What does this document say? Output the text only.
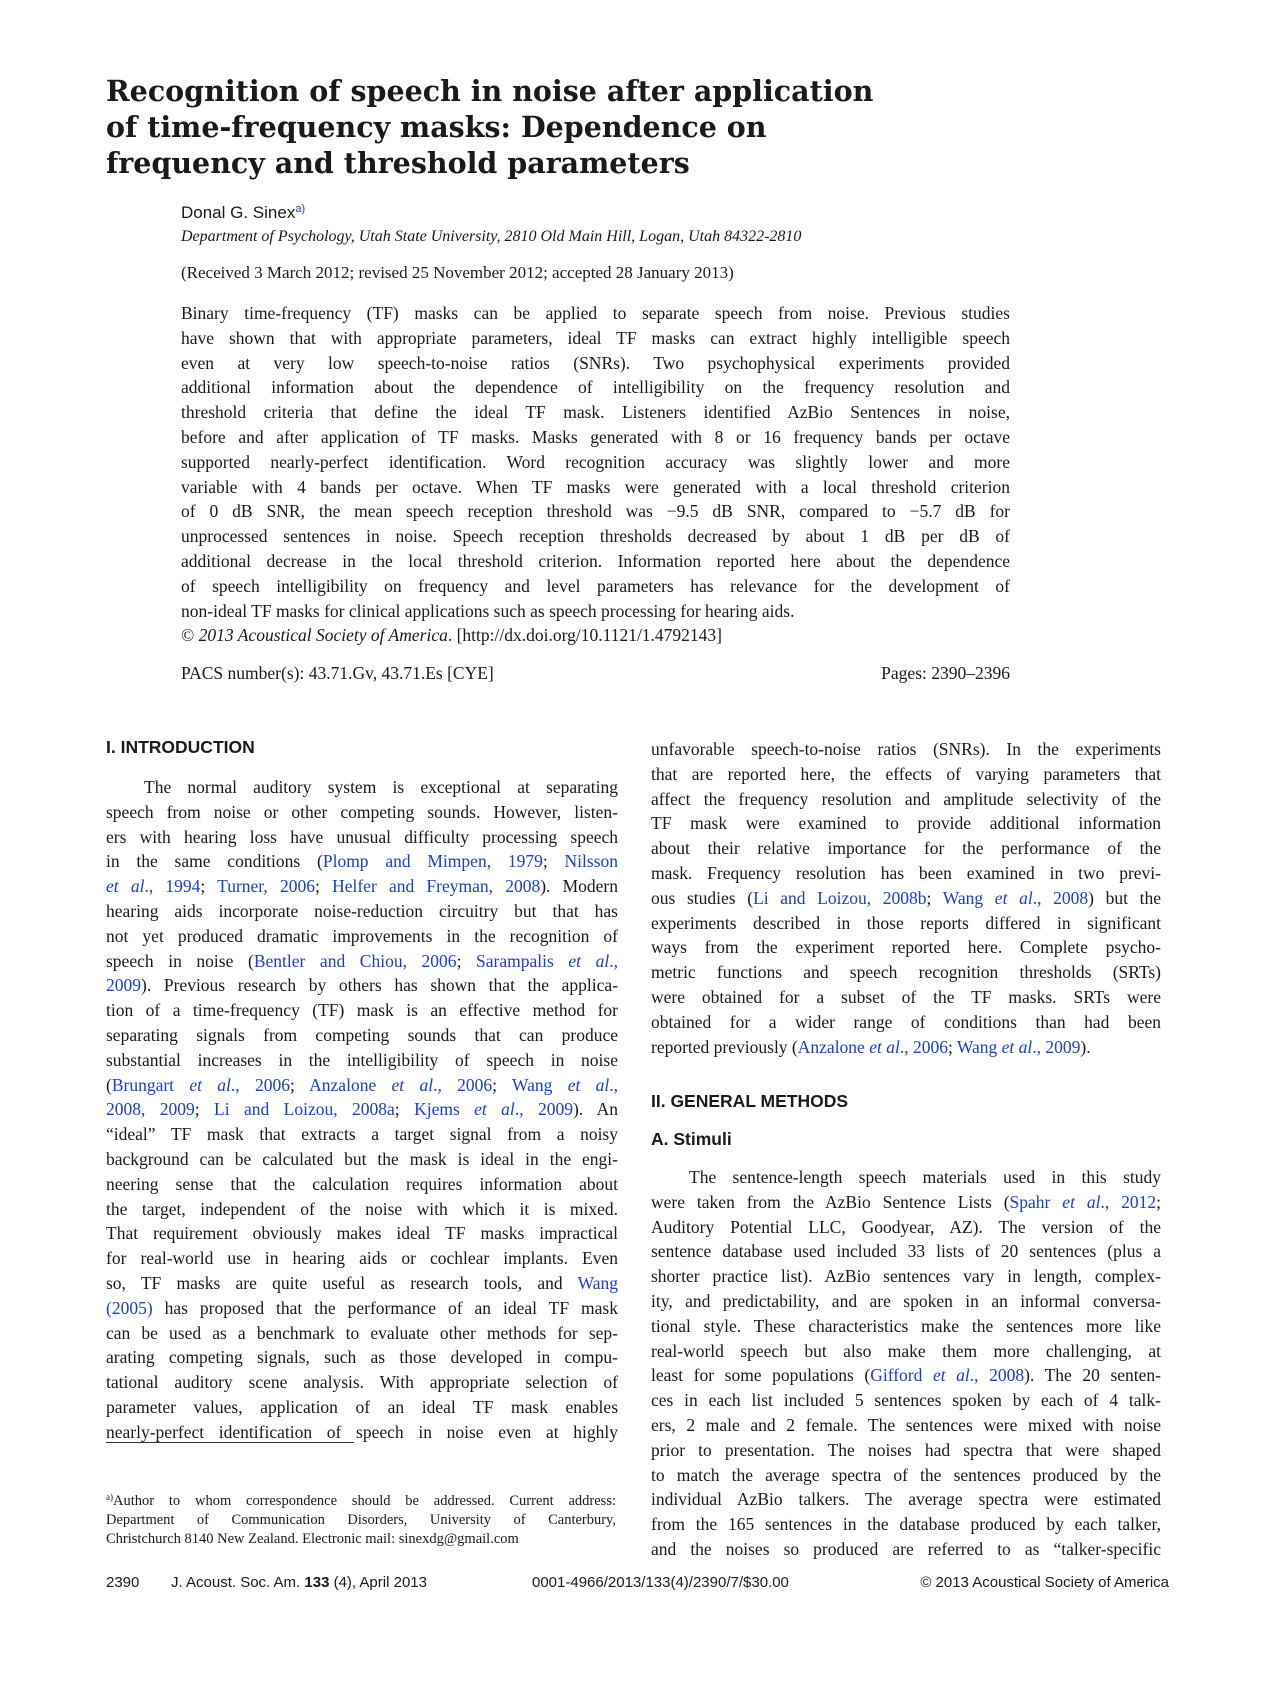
Recognition of speech in noise after application
of time-frequency masks: Dependence on
frequency and threshold parameters
Donal G. Sinex$^{a)}$
Department of Psychology, Utah State University, 2810 Old Main Hill, Logan, Utah 84322-2810
(Received 3 March 2012; revised 25 November 2012; accepted 28 January 2013)
Binary time-frequency (TF) masks can be applied to separate speech from noise. Previous studies
have shown that with appropriate parameters, ideal TF masks can extract highly intelligible speech
even at very low speech-to-noise ratios (SNRs). Two psychophysical experiments provided
additional information about the dependence of intelligibility on the frequency resolution and
threshold criteria that define the ideal TF mask. Listeners identified AzBio Sentences in noise,
before and after application of TF masks. Masks generated with 8 or 16 frequency bands per octave
supported nearly-perfect identification. Word recognition accuracy was slightly lower and more
variable with 4 bands per octave. When TF masks were generated with a local threshold criterion
of 0 dB SNR, the mean speech reception threshold was −9.5 dB SNR, compared to −5.7 dB for
unprocessed sentences in noise. Speech reception thresholds decreased by about 1 dB per dB of
additional decrease in the local threshold criterion. Information reported here about the dependence
of speech intelligibility on frequency and level parameters has relevance for the development of
non-ideal TF masks for clinical applications such as speech processing for hearing aids.
© 2013 Acoustical Society of America. [http://dx.doi.org/10.1121/1.4792143]
PACS number(s): 43.71.Gv, 43.71.Es [CYE]	Pages: 2390–2396
I. INTRODUCTION
The normal auditory system is exceptional at separating
speech from noise or other competing sounds. However, listen-
ers with hearing loss have unusual difficulty processing speech
in the same conditions (Plomp and Mimpen, 1979; Nilsson
et al., 1994; Turner, 2006; Helfer and Freyman, 2008). Modern
hearing aids incorporate noise-reduction circuitry but that has
not yet produced dramatic improvements in the recognition of
speech in noise (Bentler and Chiou, 2006; Sarampalis et al.,
2009). Previous research by others has shown that the applica-
tion of a time-frequency (TF) mask is an effective method for
separating signals from competing sounds that can produce
substantial increases in the intelligibility of speech in noise
(Brungart et al., 2006; Anzalone et al., 2006; Wang et al.,
2008, 2009; Li and Loizou, 2008a; Kjems et al., 2009). An
“ideal” TF mask that extracts a target signal from a noisy
background can be calculated but the mask is ideal in the engi-
neering sense that the calculation requires information about
the target, independent of the noise with which it is mixed.
That requirement obviously makes ideal TF masks impractical
for real-world use in hearing aids or cochlear implants. Even
so, TF masks are quite useful as research tools, and Wang
(2005) has proposed that the performance of an ideal TF mask
can be used as a benchmark to evaluate other methods for sep-
arating competing signals, such as those developed in compu-
tational auditory scene analysis. With appropriate selection of
parameter values, application of an ideal TF mask enables
nearly-perfect identification of speech in noise even at highly
unfavorable speech-to-noise ratios (SNRs). In the experiments
that are reported here, the effects of varying parameters that
affect the frequency resolution and amplitude selectivity of the
TF mask were examined to provide additional information
about their relative importance for the performance of the
mask. Frequency resolution has been examined in two previ-
ous studies (Li and Loizou, 2008b; Wang et al., 2008) but the
experiments described in those reports differed in significant
ways from the experiment reported here. Complete psycho-
metric functions and speech recognition thresholds (SRTs)
were obtained for a subset of the TF masks. SRTs were
obtained for a wider range of conditions than had been
reported previously (Anzalone et al., 2006; Wang et al., 2009).
II. GENERAL METHODS
A. Stimuli
The sentence-length speech materials used in this study
were taken from the AzBio Sentence Lists (Spahr et al., 2012;
Auditory Potential LLC, Goodyear, AZ). The version of the
sentence database used included 33 lists of 20 sentences (plus a
shorter practice list). AzBio sentences vary in length, complex-
ity, and predictability, and are spoken in an informal conversa-
tional style. These characteristics make the sentences more like
real-world speech but also make them more challenging, at
least for some populations (Gifford et al., 2008). The 20 senten-
ces in each list included 5 sentences spoken by each of 4 talk-
ers, 2 male and 2 female. The sentences were mixed with noise
prior to presentation. The noises had spectra that were shaped
to match the average spectra of the sentences produced by the
individual AzBio talkers. The average spectra were estimated
from the 165 sentences in the database produced by each talker,
and the noises so produced are referred to as “talker-specific
$^{a)}$Author to whom correspondence should be addressed. Current address:
Department of Communication Disorders, University of Canterbury,
Christchurch 8140 New Zealand. Electronic mail: sinexdg@gmail.com
2390 J. Acoust. Soc. Am. 133 (4), April 2013	0001-4966/2013/133(4)/2390/7/$30.00	© 2013 Acoustical Society of America
